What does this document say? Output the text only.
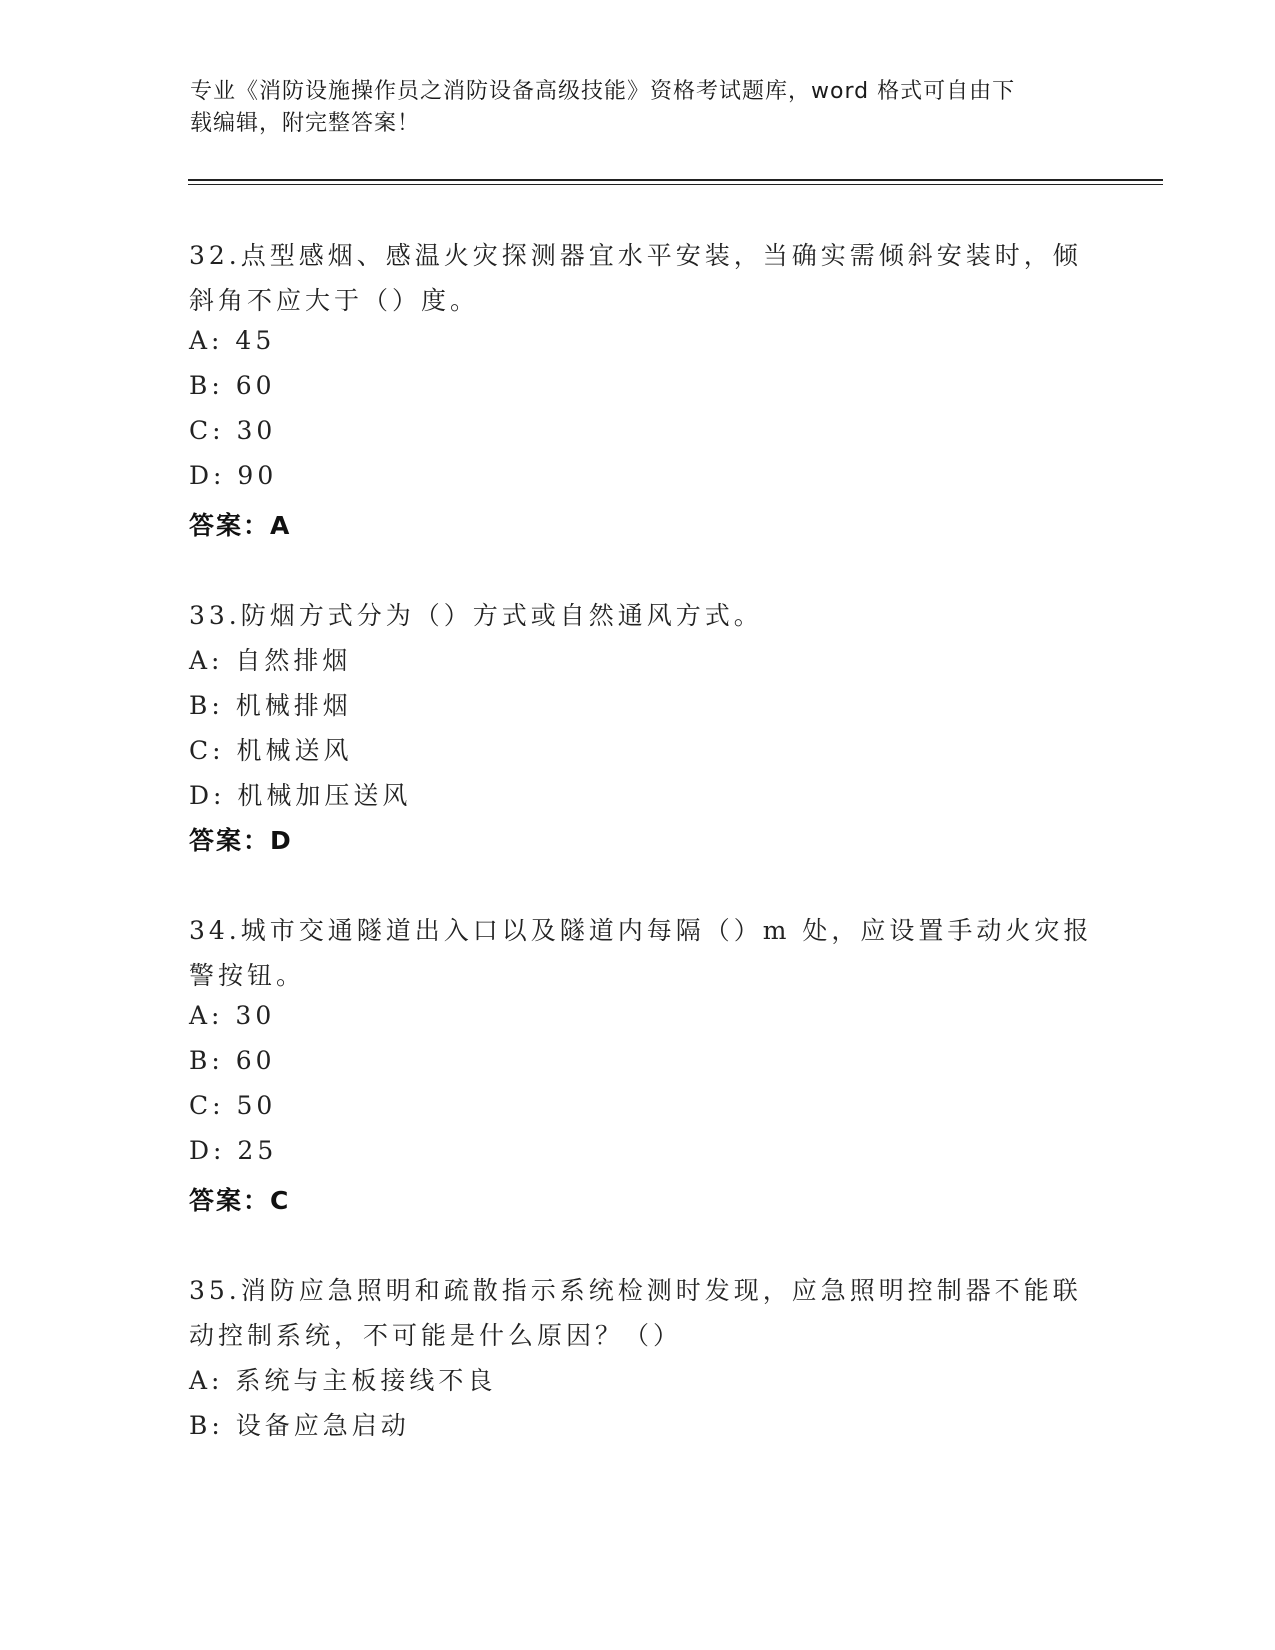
专业《消防设施操作员之消防设备高级技能》资格考试题库，word 格式可自由下
载编辑，附完整答案！
32.点型感烟、感温火灾探测器宜水平安装，当确实需倾斜安装时，倾
斜角不应大于（）度。
A: 45
B: 60
C: 30
D: 90
答案：A
33.防烟方式分为（）方式或自然通风方式。
A: 自然排烟
B: 机械排烟
C: 机械送风
D: 机械加压送风
答案：D
34.城市交通隧道出入口以及隧道内每隔（）m 处，应设置手动火灾报
警按钮。
A: 30
B: 60
C: 50
D: 25
答案：C
35.消防应急照明和疏散指示系统检测时发现，应急照明控制器不能联
动控制系统，不可能是什么原因？（）
A: 系统与主板接线不良
B: 设备应急启动
